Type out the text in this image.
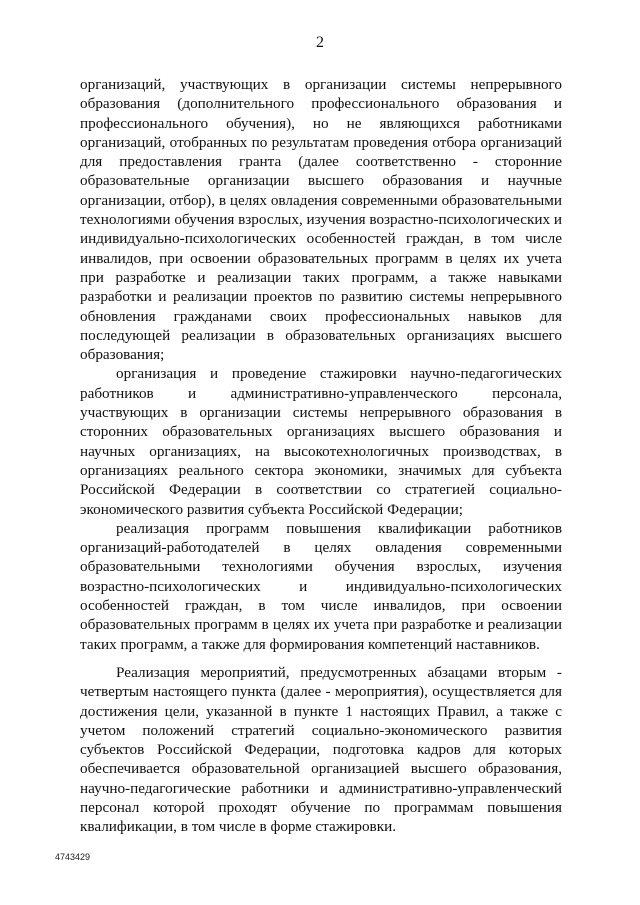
2

организаций, участвующих в организации системы непрерывного образования (дополнительного профессионального образования и профессионального обучения), но не являющихся работниками организаций, отобранных по результатам проведения отбора организаций для предоставления гранта (далее соответственно - сторонние образовательные организации высшего образования и научные организации, отбор), в целях овладения современными образовательными технологиями обучения взрослых, изучения возрастно-психологических и индивидуально-психологических особенностей граждан, в том числе инвалидов, при освоении образовательных программ в целях их учета при разработке и реализации таких программ, а также навыками разработки и реализации проектов по развитию системы непрерывного обновления гражданами своих профессиональных навыков для последующей реализации в образовательных организациях высшего образования;

организация и проведение стажировки научно-педагогических работников и административно-управленческого персонала, участвующих в организации системы непрерывного образования в сторонних образовательных организациях высшего образования и научных организациях, на высокотехнологичных производствах, в организациях реального сектора экономики, значимых для субъекта Российской Федерации в соответствии со стратегией социально-экономического развития субъекта Российской Федерации;

реализация программ повышения квалификации работников организаций-работодателей в целях овладения современными образовательными технологиями обучения взрослых, изучения возрастно-психологических и индивидуально-психологических особенностей граждан, в том числе инвалидов, при освоении образовательных программ в целях их учета при разработке и реализации таких программ, а также для формирования компетенций наставников.

Реализация мероприятий, предусмотренных абзацами вторым - четвертым настоящего пункта (далее - мероприятия), осуществляется для достижения цели, указанной в пункте 1 настоящих Правил, а также с учетом положений стратегий социально-экономического развития субъектов Российской Федерации, подготовка кадров для которых обеспечивается образовательной организацией высшего образования, научно-педагогические работники и административно-управленческий персонал которой проходят обучение по программам повышения квалификации, в том числе в форме стажировки.

4743429
